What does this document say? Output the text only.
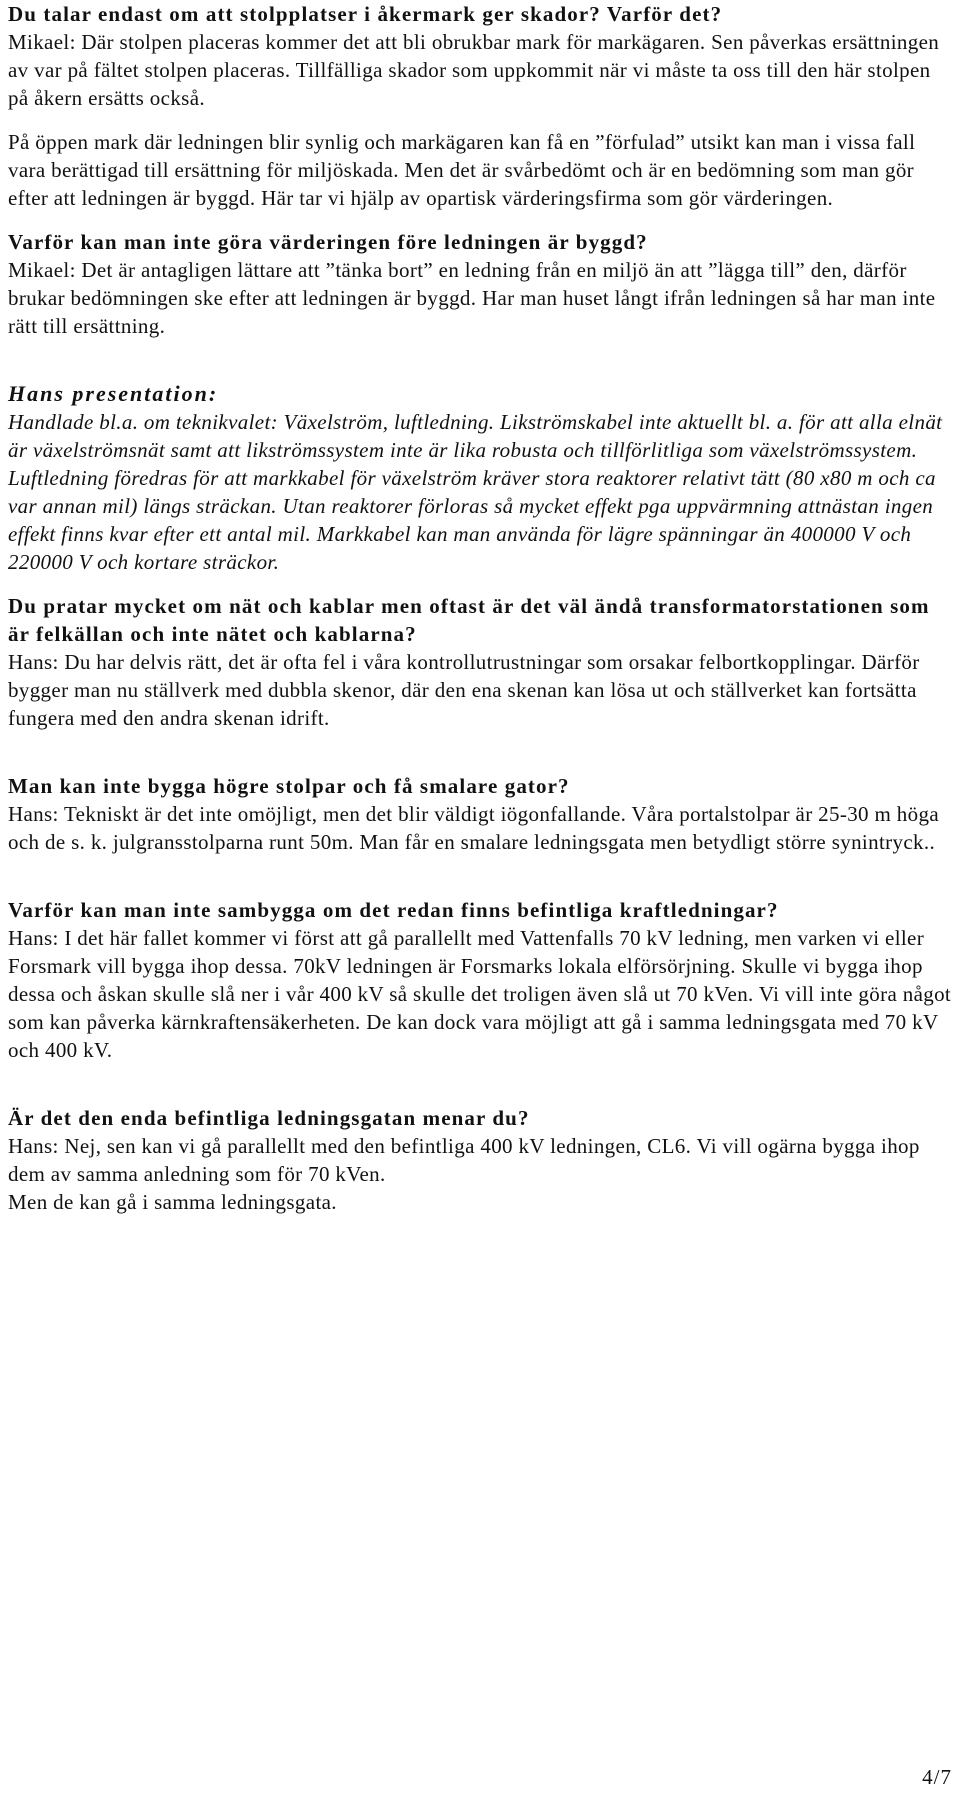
Du talar endast om att stolpplatser i åkermark ger skador? Varför det?

Mikael: Där stolpen placeras kommer det att bli obrukbar mark för markägaren. Sen påverkas ersättningen av var på fältet stolpen placeras. Tillfälliga skador som uppkommit när vi måste ta oss till den här stolpen på åkern ersätts också.

På öppen mark där ledningen blir synlig och markägaren kan få en ”förfulad” utsikt kan man i vissa fall vara berättigad till ersättning för miljöskada. Men det är svårbedömt och är en bedömning som man gör efter att ledningen är byggd. Här tar vi hjälp av opartisk värderingsfirma som gör värderingen.

Varför kan man inte göra värderingen före ledningen är byggd?

Mikael: Det är antagligen lättare att ”tänka bort” en ledning från en miljö än att ”lägga till” den, därför brukar bedömningen ske efter att ledningen är byggd. Har man huset långt ifrån ledningen så har man inte rätt till ersättning.

Hans presentation:

Handlade bl.a. om teknikvalet: Växelström, luftledning. Likströmskabel inte aktuellt bl. a. för att alla elnät är växelströmsnät samt att likströmssystem inte är lika robusta och tillförlitliga som växelströmssystem. Luftledning föredras för att markkabel för växelström kräver stora reaktorer relativt tätt (80 x80 m och ca var annan mil) längs sträckan. Utan reaktorer förloras så mycket effekt pga uppvärmning attnästan ingen effekt finns kvar efter ett antal mil. Markkabel kan man använda för lägre spänningar än 400000 V och 220000 V och kortare sträckor.

Du pratar mycket om nät och kablar men oftast är det väl ändå transformatorstationen som är felkällan och inte nätet och kablarna?

Hans: Du har delvis rätt, det är ofta fel i våra kontrollutrustningar som orsakar felbortkopplingar. Därför bygger man nu ställverk med dubbla skenor, där den ena skenan kan lösa ut och ställverket kan fortsätta fungera med den andra skenan idrift.

Man kan inte bygga högre stolpar och få smalare gator?

Hans: Tekniskt är det inte omöjligt, men det blir väldigt iögonfallande. Våra portalstolpar är 25-30 m höga och de s. k. julgransstolparna runt 50m. Man får en smalare ledningsgata men betydligt större synintryck..

Varför kan man inte sambygga om det redan finns befintliga kraftledningar?

Hans: I det här fallet kommer vi först att gå parallellt med Vattenfalls 70 kV ledning, men varken vi eller Forsmark vill bygga ihop dessa. 70kV ledningen är Forsmarks lokala elförsörjning. Skulle vi bygga ihop dessa och åskan skulle slå ner i vår 400 kV så skulle det troligen även slå ut 70 kVen. Vi vill inte göra något som kan påverka kärnkraftensäkerheten. De kan dock vara möjligt att gå i samma ledningsgata med 70 kV och 400 kV.

Är det den enda befintliga ledningsgatan menar du?

Hans: Nej, sen kan vi gå parallellt med den befintliga 400 kV ledningen, CL6. Vi vill ogärna bygga ihop dem av samma anledning som för 70 kVen.

Men de kan gå i samma ledningsgata.

4/7
